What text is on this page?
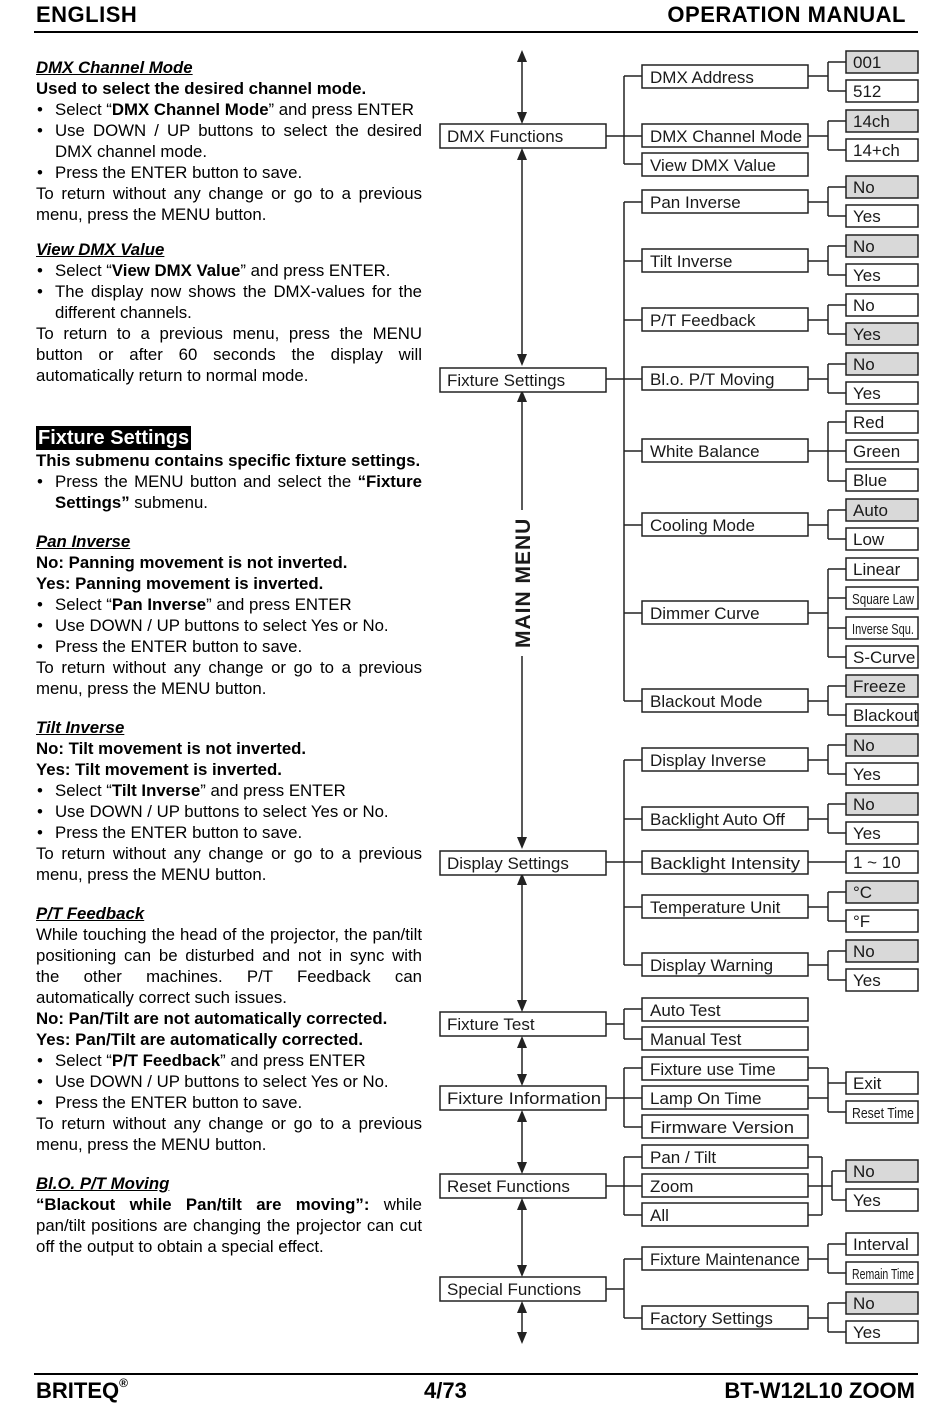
ENGLISH	OPERATION MANUAL

DMX Channel Mode

Used to select the desired channel mode.

• Select “DMX Channel Mode” and press ENTER

• Use DOWN / UP buttons to select the desired DMX channel mode.

• Press the ENTER button to save.

To return without any change or go to a previous menu, press the MENU button.

View DMX Value

• Select “View DMX Value” and press ENTER.

• The display now shows the DMX-values for the different channels.

To return to a previous menu, press the MENU button or after 60 seconds the display will automatically return to normal mode.

Fixture Settings

This submenu contains specific fixture settings.

• Press the MENU button and select the “Fixture Settings” submenu.

Pan Inverse

No: Panning movement is not inverted.

Yes: Panning movement is inverted.

• Select “Pan Inverse” and press ENTER

• Use DOWN / UP buttons to select Yes or No.

• Press the ENTER button to save.

To return without any change or go to a previous menu, press the MENU button.

Tilt Inverse

No: Tilt movement is not inverted.

Yes: Tilt movement is inverted.

• Select “Tilt Inverse” and press ENTER

• Use DOWN / UP buttons to select Yes or No.

• Press the ENTER button to save.

To return without any change or go to a previous menu, press the MENU button.

P/T Feedback

While touching the head of the projector, the pan/tilt positioning can be disturbed and not in sync with the other machines. P/T Feedback can automatically correct such issues.

No: Pan/Tilt are not automatically corrected.

Yes: Pan/Tilt are automatically corrected.

• Select “P/T Feedback” and press ENTER

• Use DOWN / UP buttons to select Yes or No.

• Press the ENTER button to save.

To return without any change or go to a previous menu, press the MENU button.

Bl.O. P/T Moving

“Blackout while Pan/tilt are moving”: while pan/tilt positions are changing the projector can cut off the output to obtain a special effect.

MAIN MENU
DMX Functions
DMX Address
DMX Channel Mode
View DMX Value
001
512
14ch
14+ch
Fixture Settings
Pan Inverse
No
Yes
Tilt Inverse
No
Yes
P/T Feedback
No
Yes
Bl.o. P/T Moving
No
Yes
White Balance
Red
Green
Blue
Cooling Mode
Auto
Low
Dimmer Curve
Linear
Square Law
Inverse Squ.
S-Curve
Blackout Mode
Freeze
Blackout
Display Settings
Display Inverse
No
Yes
Backlight Auto Off
No
Yes
Backlight Intensity	1 ~ 10
Temperature Unit
°C
°F
Display Warning
No
Yes
Fixture Test
Auto Test
Manual Test
Fixture Information
Fixture use Time
Lamp On Time
Firmware Version
Exit
Reset Time
Reset Functions
Pan / Tilt
Zoom
All
No
Yes
Special Functions
Fixture Maintenance
Factory Settings
Interval
Remain Time
No
Yes
BRITEQ®	4/73	BT-W12L10 ZOOM
